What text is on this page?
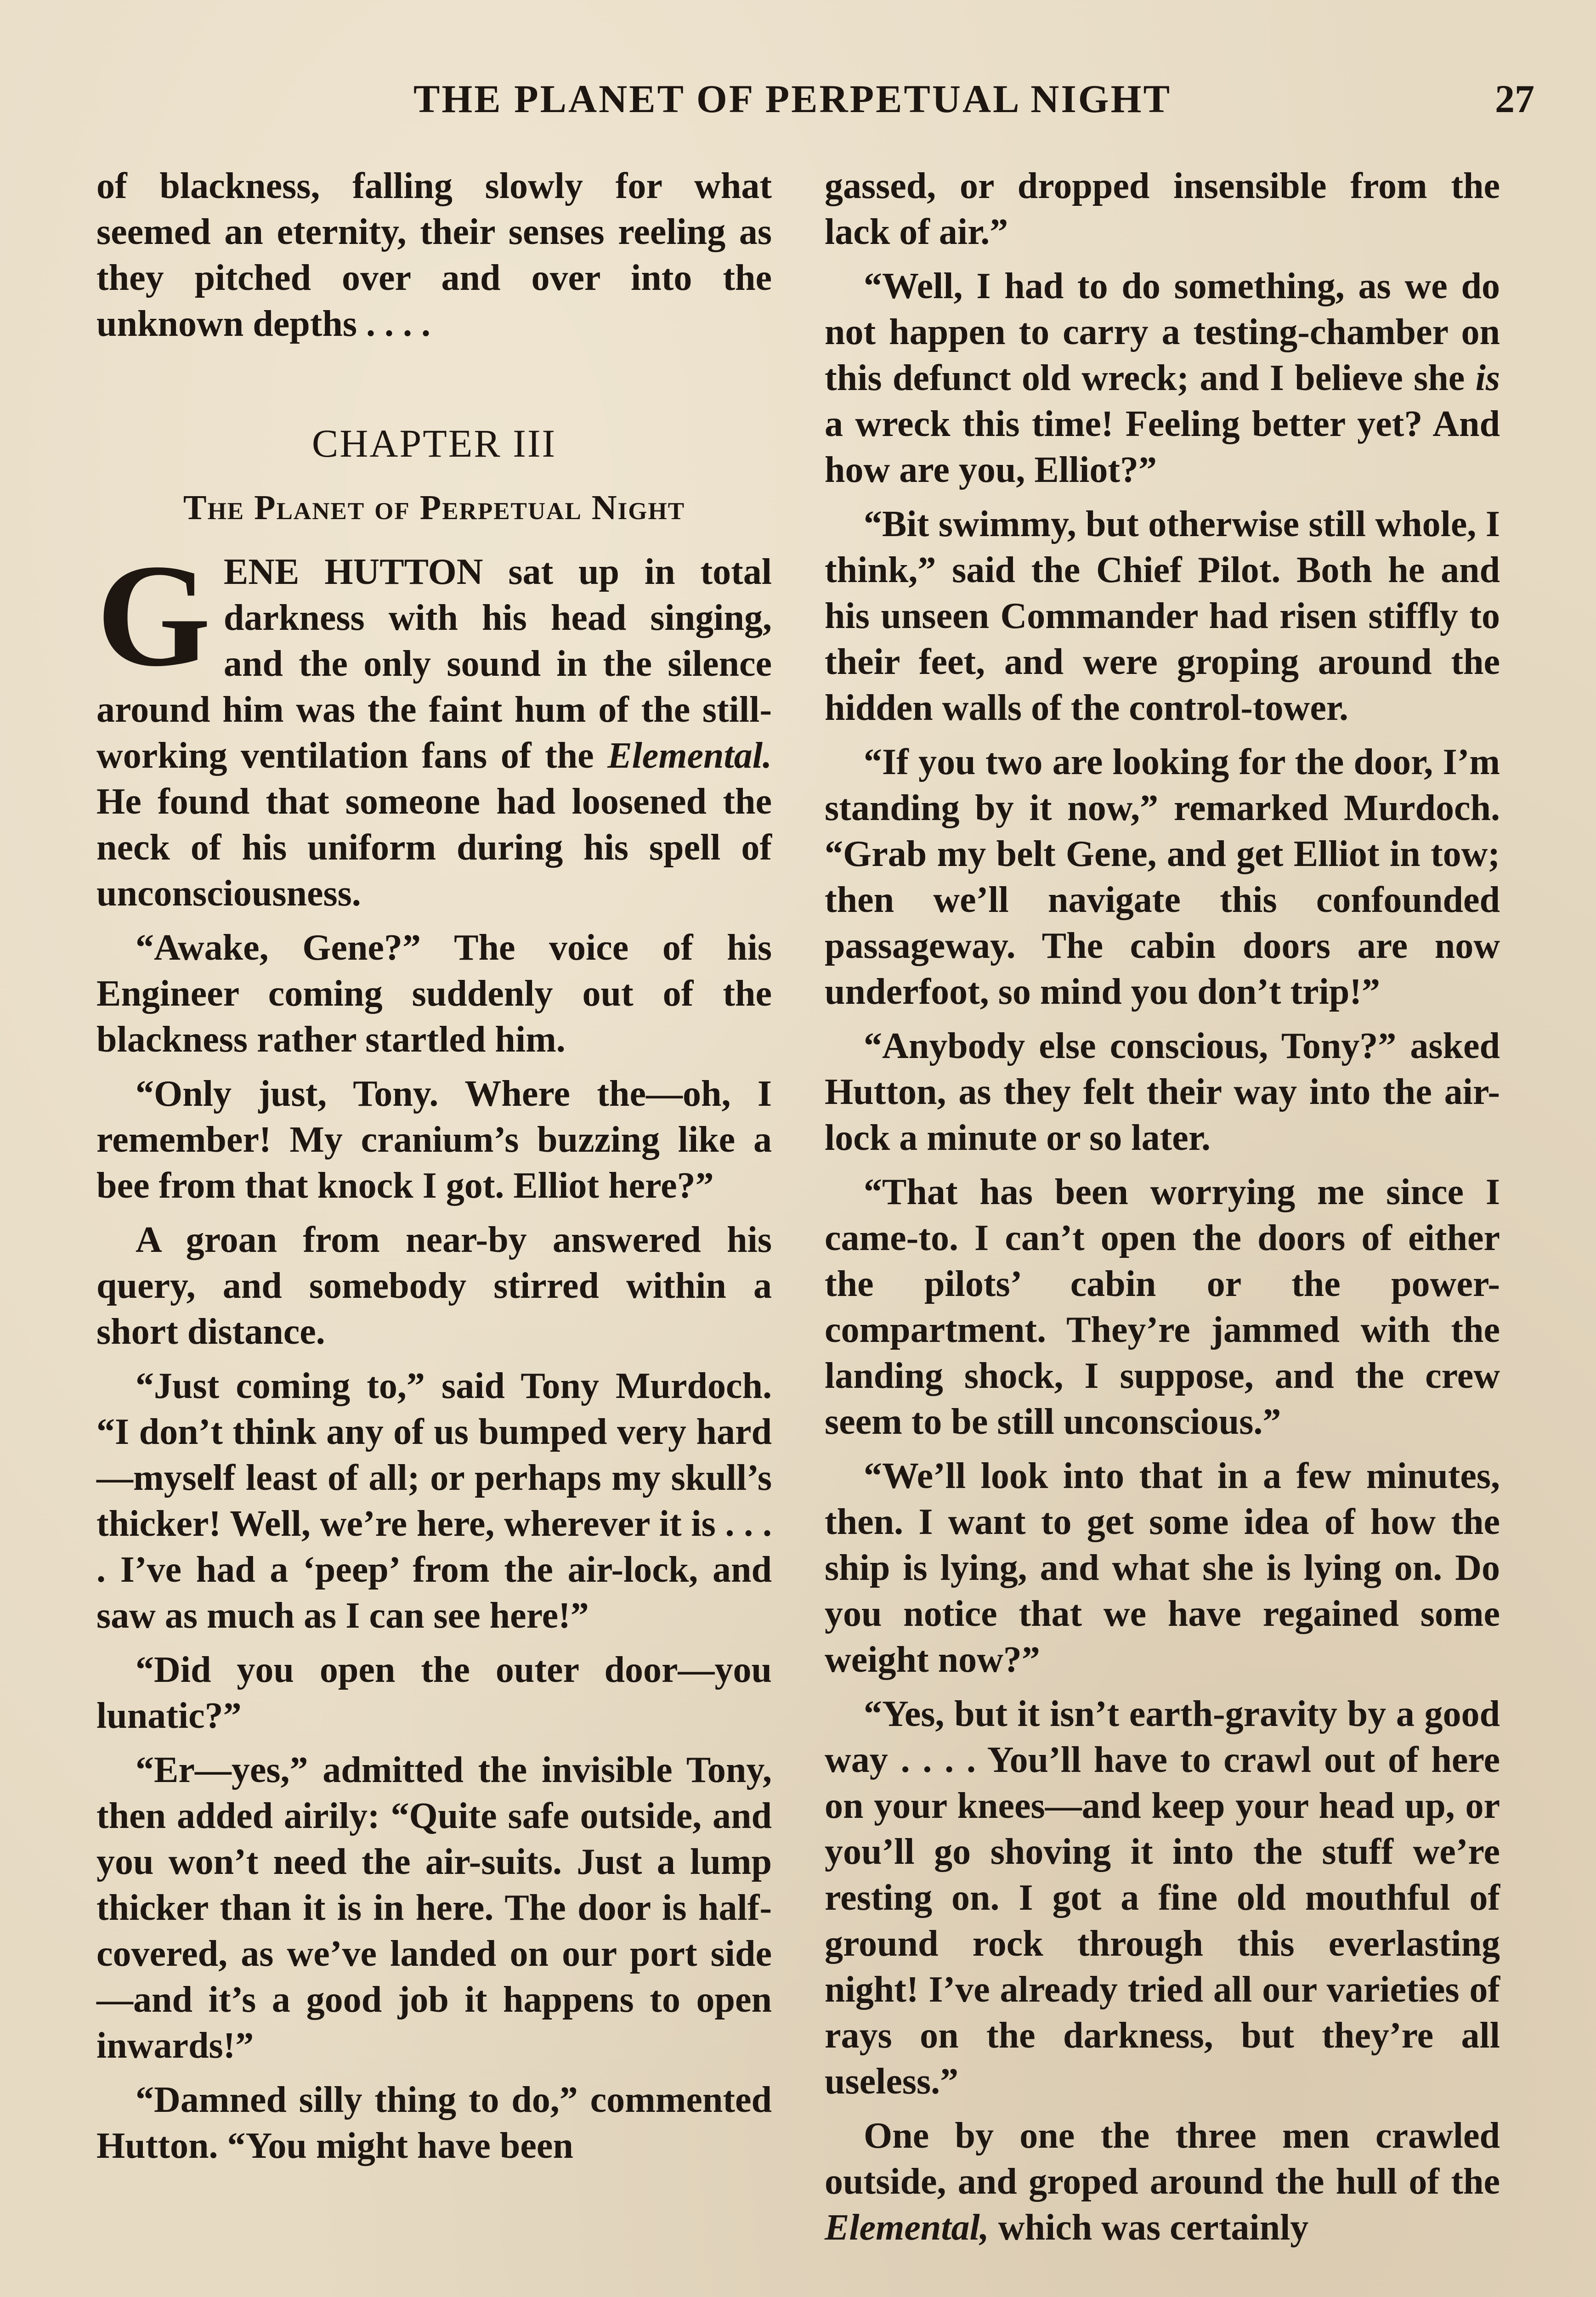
THE PLANET OF PERPETUAL NIGHT	27

of blackness, falling slowly for what seemed an eternity, their senses reeling as they pitched over and over into the unknown depths . . . .

CHAPTER III
The Planet of Perpetual Night

GENE HUTTON sat up in total darkness with his head singing, and the only sound in the silence around him was the faint hum of the still-working ventilation fans of the Elemental. He found that someone had loosened the neck of his uniform during his spell of unconsciousness.

“Awake, Gene?” The voice of his Engineer coming suddenly out of the blackness rather startled him.

“Only just, Tony. Where the—oh, I remember! My cranium’s buzzing like a bee from that knock I got. Elliot here?”

A groan from near-by answered his query, and somebody stirred within a short distance.

“Just coming to,” said Tony Murdoch. “I don’t think any of us bumped very hard—myself least of all; or perhaps my skull’s thicker! Well, we’re here, wherever it is . . . . I’ve had a ‘peep’ from the air-lock, and saw as much as I can see here!”

“Did you open the outer door—you lunatic?”

“Er—yes,” admitted the invisible Tony, then added airily: “Quite safe outside, and you won’t need the air-suits. Just a lump thicker than it is in here. The door is half-covered, as we’ve landed on our port side—and it’s a good job it happens to open inwards!”

“Damned silly thing to do,” commented Hutton. “You might have been

gassed, or dropped insensible from the lack of air.”

“Well, I had to do something, as we do not happen to carry a testing-chamber on this defunct old wreck; and I believe she is a wreck this time! Feeling better yet? And how are you, Elliot?”

“Bit swimmy, but otherwise still whole, I think,” said the Chief Pilot. Both he and his unseen Commander had risen stiffly to their feet, and were groping around the hidden walls of the control-tower.

“If you two are looking for the door, I’m standing by it now,” remarked Murdoch. “Grab my belt Gene, and get Elliot in tow; then we’ll navigate this confounded passageway. The cabin doors are now underfoot, so mind you don’t trip!”

“Anybody else conscious, Tony?” asked Hutton, as they felt their way into the air-lock a minute or so later.

“That has been worrying me since I came-to. I can’t open the doors of either the pilots’ cabin or the power-compartment. They’re jammed with the landing shock, I suppose, and the crew seem to be still unconscious.”

“We’ll look into that in a few minutes, then. I want to get some idea of how the ship is lying, and what she is lying on. Do you notice that we have regained some weight now?”

“Yes, but it isn’t earth-gravity by a good way . . . . You’ll have to crawl out of here on your knees—and keep your head up, or you’ll go shoving it into the stuff we’re resting on. I got a fine old mouthful of ground rock through this everlasting night! I’ve already tried all our varieties of rays on the darkness, but they’re all useless.”

One by one the three men crawled outside, and groped around the hull of the Elemental, which was certainly
